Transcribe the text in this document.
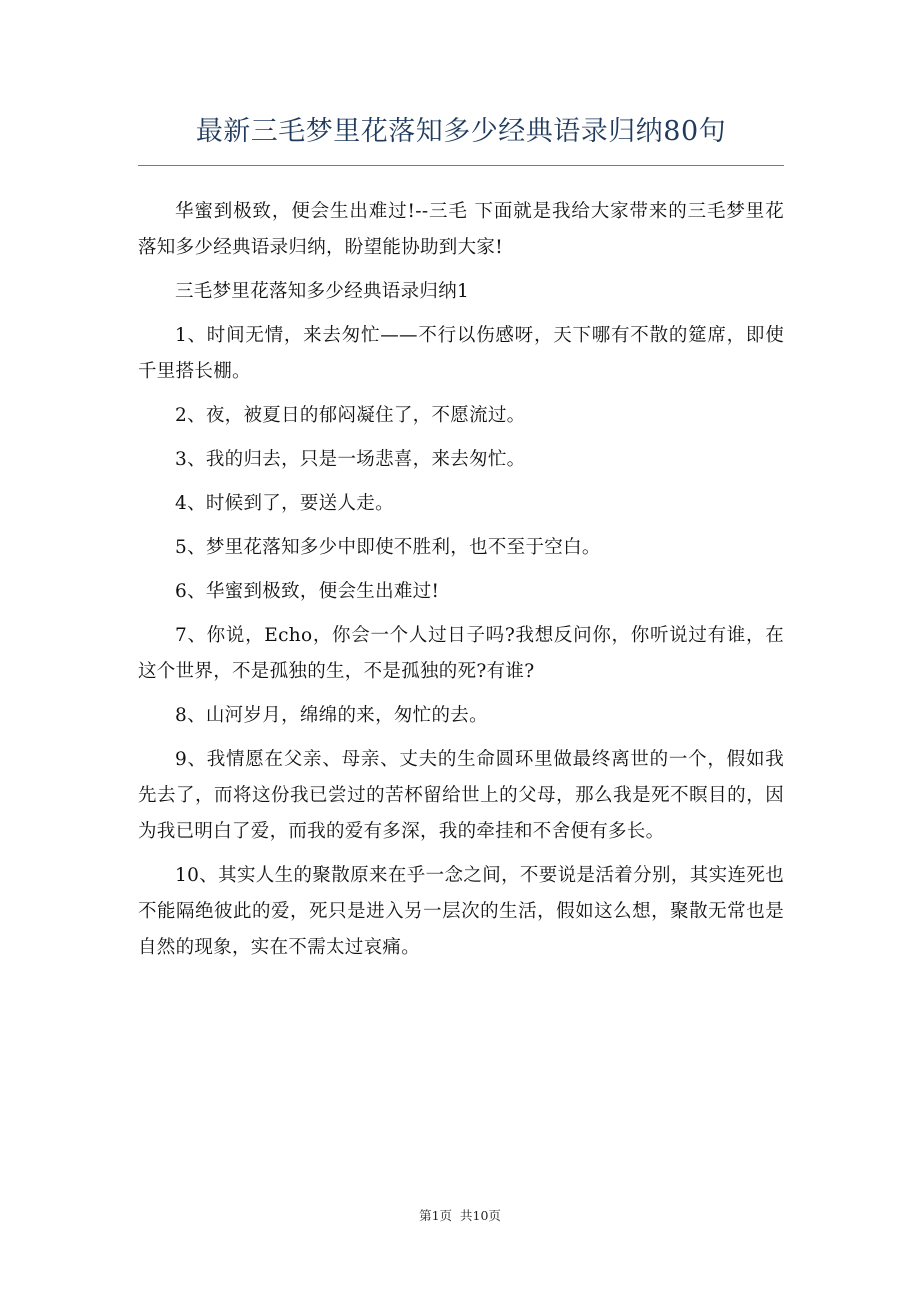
最新三毛梦里花落知多少经典语录归纳80句

华蜜到极致，便会生出难过!--三毛 下面就是我给大家带来的三毛梦里花落知多少经典语录归纳，盼望能协助到大家!

三毛梦里花落知多少经典语录归纳1

1、时间无情，来去匆忙——不行以伤感呀，天下哪有不散的筵席，即使千里搭长棚。

2、夜，被夏日的郁闷凝住了，不愿流过。

3、我的归去，只是一场悲喜，来去匆忙。

4、时候到了，要送人走。

5、梦里花落知多少中即使不胜利，也不至于空白。

6、华蜜到极致，便会生出难过!

7、你说，Echo，你会一个人过日子吗?我想反问你，你听说过有谁，在这个世界，不是孤独的生，不是孤独的死?有谁?

8、山河岁月，绵绵的来，匆忙的去。

9、我情愿在父亲、母亲、丈夫的生命圆环里做最终离世的一个，假如我先去了，而将这份我已尝过的苦杯留给世上的父母，那么我是死不瞑目的，因为我已明白了爱，而我的爱有多深，我的牵挂和不舍便有多长。

10、其实人生的聚散原来在乎一念之间，不要说是活着分别，其实连死也不能隔绝彼此的爱，死只是进入另一层次的生活，假如这么想，聚散无常也是自然的现象，实在不需太过哀痛。

第1页 共10页
